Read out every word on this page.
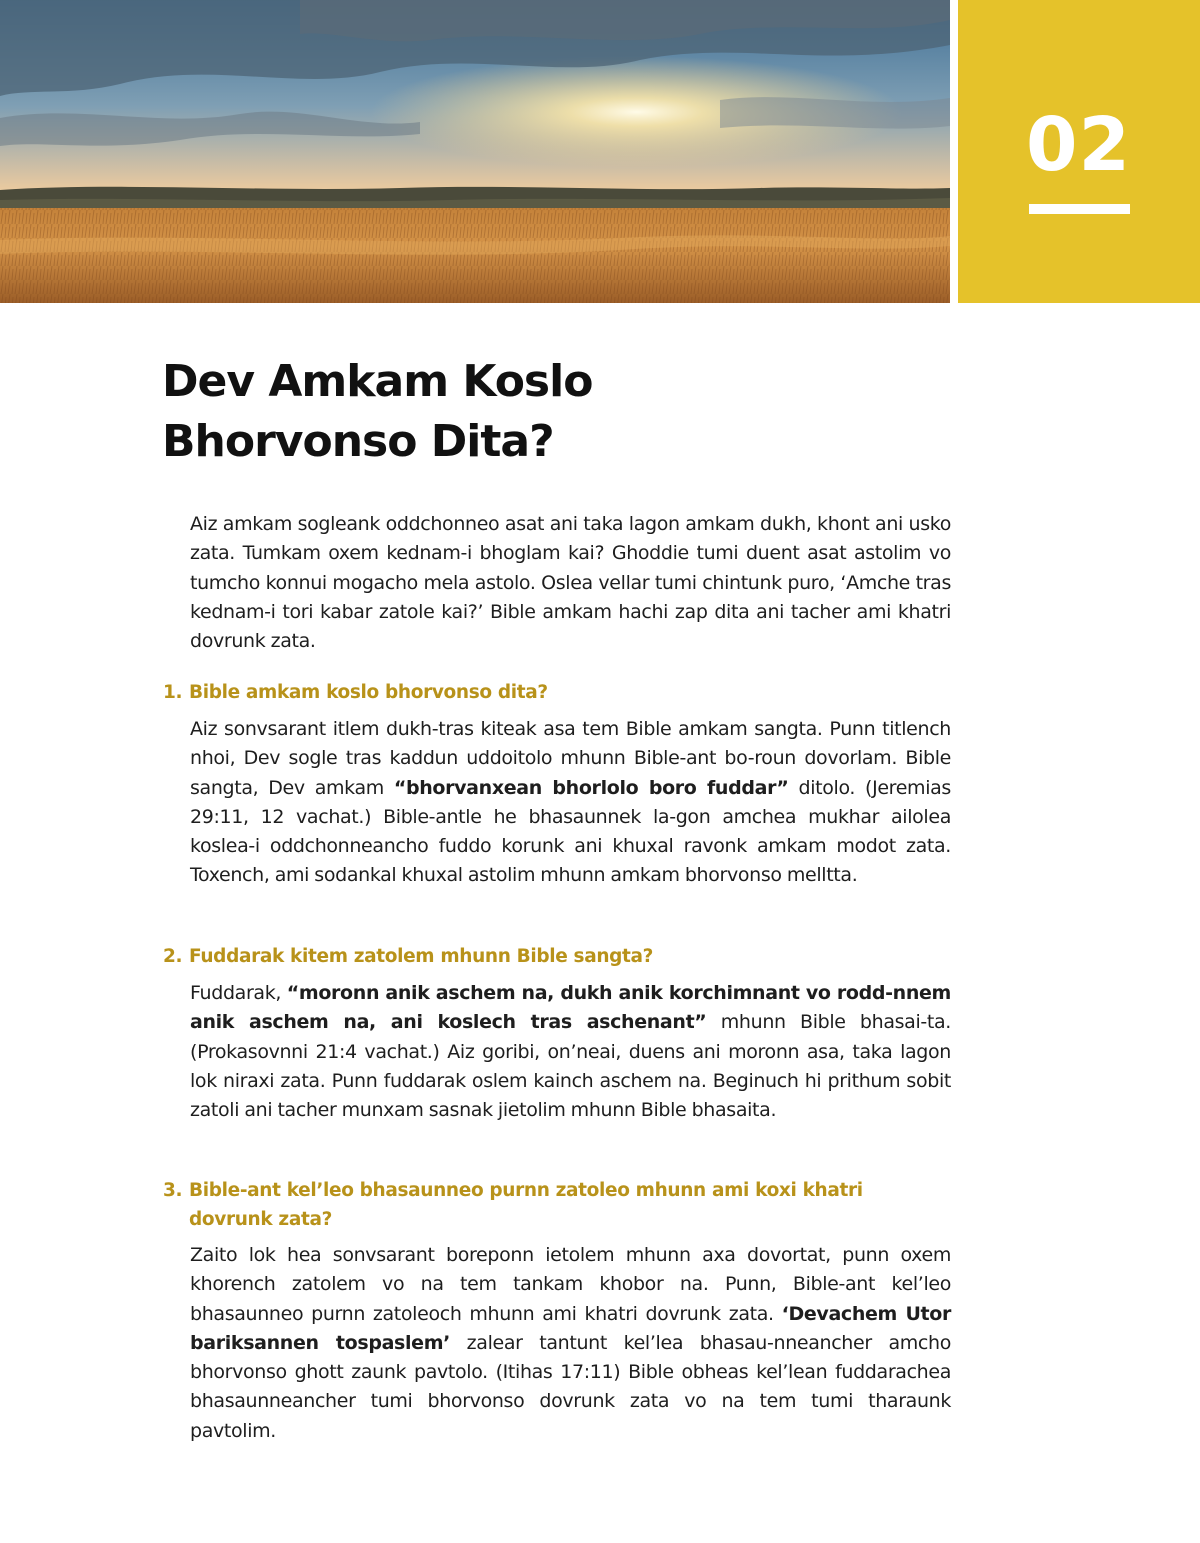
02
Dev Amkam Koslo
Bhorvonso Dita?

Aiz amkam sogleank oddchonneo asat ani taka lagon amkam dukh, khont ani usko zata. Tumkam oxem kednam-i bhoglam kai? Ghoddie tumi duent asat astolim vo tumcho konnui mogacho mela astolo. Oslea vellar tumi chintunk puro, ‘Amche tras kednam-i tori kabar zatole kai?’ Bible amkam hachi zap dita ani tacher ami khatri dovrunk zata.

1. Bible amkam koslo bhorvonso dita?

Aiz sonvsarant itlem dukh-tras kiteak asa tem Bible amkam sangta. Punn titlench nhoi, Dev sogle tras kaddun uddoitolo mhunn Bible-ant bo-roun dovorlam. Bible sangta, Dev amkam “bhorvanxean bhorlolo boro fuddar” ditolo. (Jeremias 29:11, 12 vachat.) Bible-antle he bhasaunnek la-gon amchea mukhar ailolea koslea-i oddchonneancho fuddo korunk ani khuxal ravonk amkam modot zata. Toxench, ami sodankal khuxal astolim mhunn amkam bhorvonso melltta.

2. Fuddarak kitem zatolem mhunn Bible sangta?

Fuddarak, “moronn anik aschem na, dukh anik korchimnant vo rodd-nnem anik aschem na, ani koslech tras aschenant” mhunn Bible bhasai-ta. (Prokasovnni 21:4 vachat.) Aiz goribi, on’neai, duens ani moronn asa, taka lagon lok niraxi zata. Punn fuddarak oslem kainch aschem na. Beginuch hi prithum sobit zatoli ani tacher munxam sasnak jietolim mhunn Bible bhasaita.

3. Bible-ant kel’leo bhasaunneo purnn zatoleo mhunn ami koxi khatri
dovrunk zata?

Zaito lok hea sonvsarant boreponn ietolem mhunn axa dovortat, punn oxem khorench zatolem vo na tem tankam khobor na. Punn, Bible-ant kel’leo bhasaunneo purnn zatoleoch mhunn ami khatri dovrunk zata. ‘Devachem Utor bariksannen tospaslem’ zalear tantunt kel’lea bhasau-nneancher amcho bhorvonso ghott zaunk pavtolo. (Itihas 17:11) Bible obheas kel’lean fuddarachea bhasaunneancher tumi bhorvonso dovrunk zata vo na tem tumi tharaunk pavtolim.
